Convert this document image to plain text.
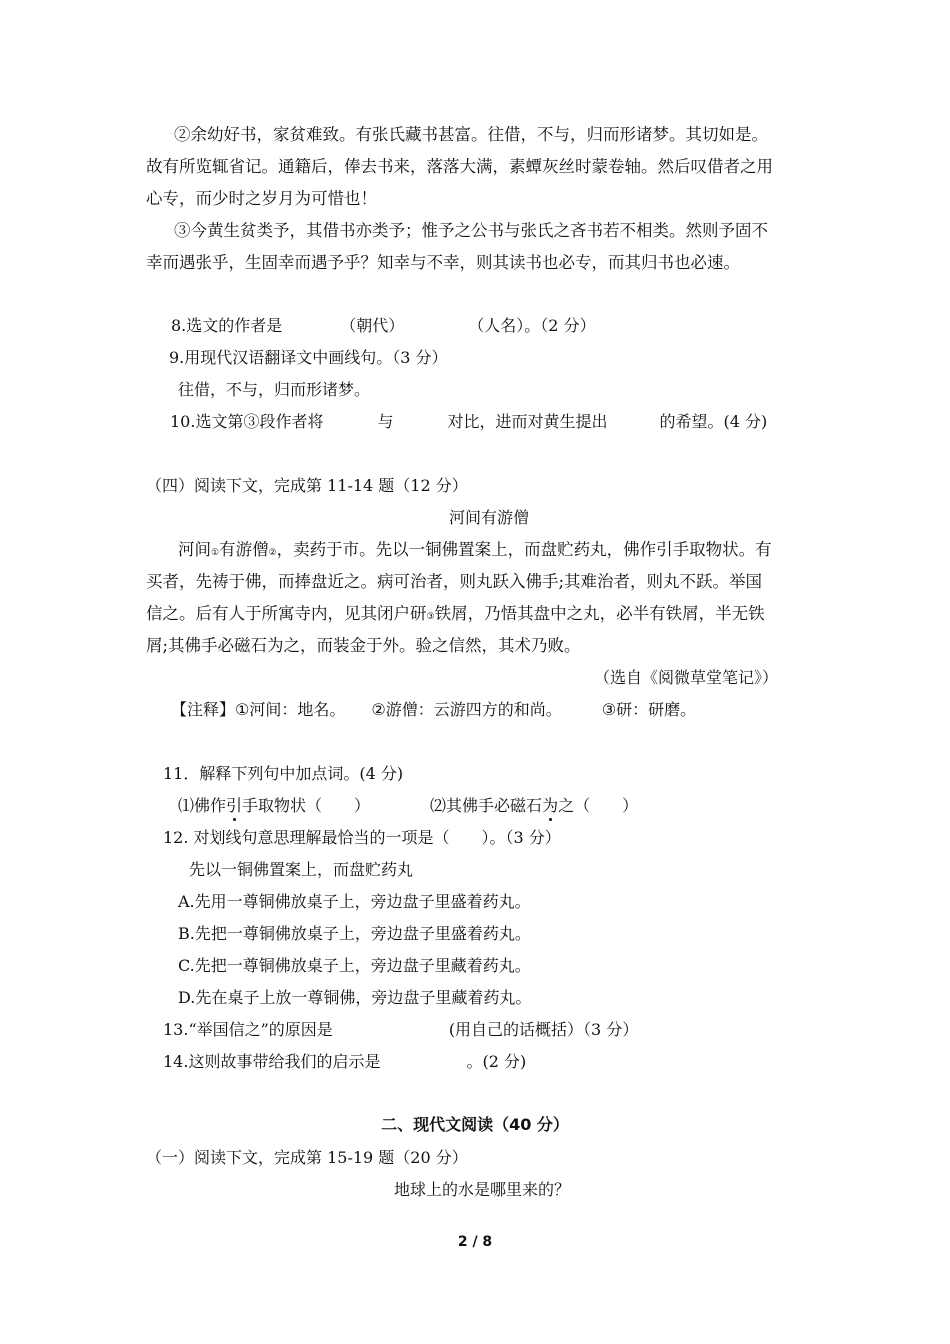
②余幼好书，家贫难致。有张氏藏书甚富。往借，不与，归而形诸梦。其切如是。
故有所览辄省记。通籍后，俸去书来，落落大满，素蟫灰丝时蒙卷轴。然后叹借者之用
心专，而少时之岁月为可惜也！
③今黄生贫类予，其借书亦类予；惟予之公书与张氏之吝书若不相类。然则予固不
幸而遇张乎，生固幸而遇予乎？知幸与不幸，则其读书也必专，而其归书也必速。
8.选文的作者是	（朝代）	（人名）。（2 分）
9.用现代汉语翻译文中画线句。（3 分）
往借，不与，归而形诸梦。
10.选文第③段作者将	与	对比，进而对黄生提出	的希望。(4 分)
（四）阅读下文，完成第 11-14 题（12 分）
河间有游僧
河间①有游僧②，卖药于市。先以一铜佛置案上，而盘贮药丸，佛作引手取物状。有
买者，先祷于佛，而捧盘近之。病可治者，则丸跃入佛手;其难治者，则丸不跃。举国
信之。后有人于所寓寺内，见其闭户研③铁屑，乃悟其盘中之丸，必半有铁屑，半无铁
屑;其佛手必磁石为之，而装金于外。验之信然，其术乃败。
（选自《阅微草堂笔记》）
【注释】①河间：地名。 ②游僧：云游四方的和尚。	③研：研磨。
11．解释下列句中加点词。(4 分)
⑴佛作引手取物状（　　）	⑵其佛手必磁石为之（　　）
12. 对划线句意思理解最恰当的一项是（　　）。（3 分）
先以一铜佛置案上，而盘贮药丸
A.先用一尊铜佛放桌子上，旁边盘子里盛着药丸。
B.先把一尊铜佛放桌子上，旁边盘子里盛着药丸。
C.先把一尊铜佛放桌子上，旁边盘子里藏着药丸。
D.先在桌子上放一尊铜佛，旁边盘子里藏着药丸。
13.“举国信之”的原因是	(用自己的话概括）（3 分）
14.这则故事带给我们的启示是	。(2 分)
二、现代文阅读（40 分）
（一）阅读下文，完成第 15-19 题（20 分）
地球上的水是哪里来的？
2 / 8
